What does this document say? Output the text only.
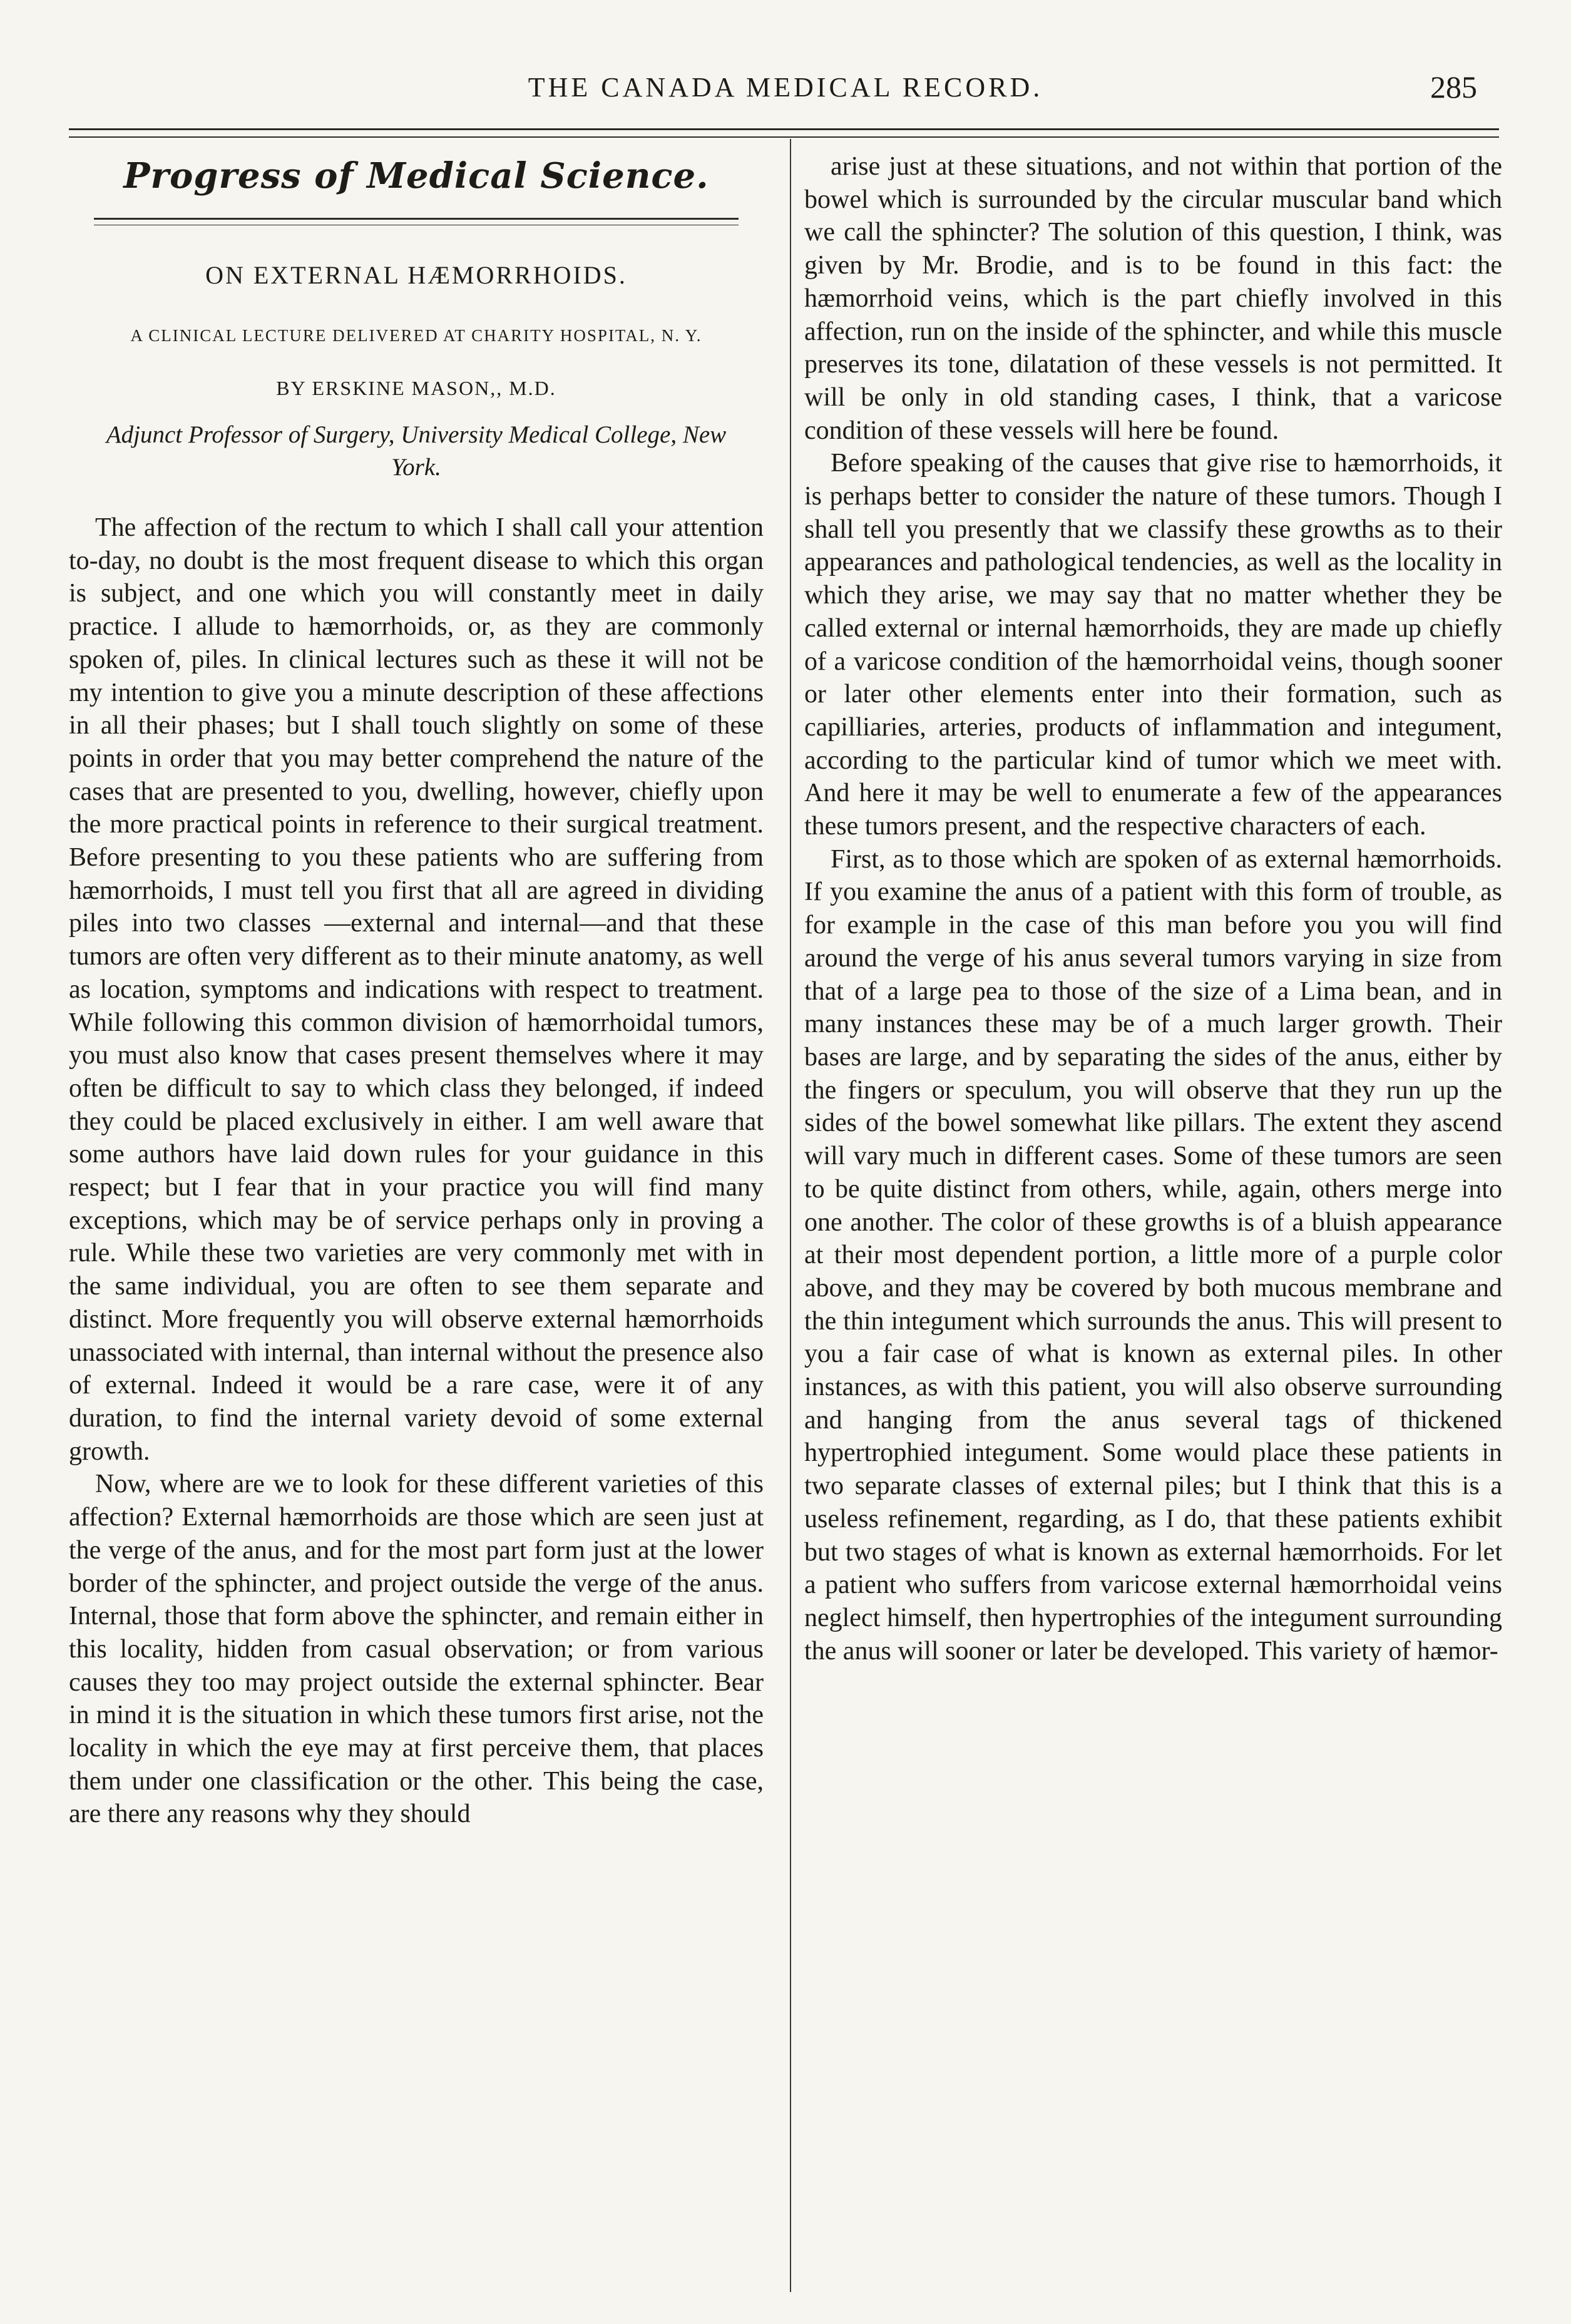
THE CANADA MEDICAL RECORD.	285
Progress of Medical Science.
ON EXTERNAL HÆMORRHOIDS.
A CLINICAL LECTURE DELIVERED AT CHARITY HOSPITAL, N. Y.
BY ERSKINE MASON,, M.D.
Adjunct Professor of Surgery, University Medical College, New York.

The affection of the rectum to which I shall call your attention to-day, no doubt is the most frequent disease to which this organ is subject, and one which you will constantly meet in daily practice. I allude to hæmorrhoids, or, as they are commonly spoken of, piles. In clinical lectures such as these it will not be my intention to give you a minute description of these affections in all their phases; but I shall touch slightly on some of these points in order that you may better comprehend the nature of the cases that are presented to you, dwelling, however, chiefly upon the more practical points in reference to their surgical treatment. Before presenting to you these patients who are suffering from hæmorrhoids, I must tell you first that all are agreed in dividing piles into two classes —external and internal—and that these tumors are often very different as to their minute anatomy, as well as location, symptoms and indications with respect to treatment. While following this common division of hæmorrhoidal tumors, you must also know that cases present themselves where it may often be difficult to say to which class they belonged, if indeed they could be placed exclusively in either. I am well aware that some authors have laid down rules for your guidance in this respect; but I fear that in your practice you will find many exceptions, which may be of service perhaps only in proving a rule. While these two varieties are very commonly met with in the same individual, you are often to see them separate and distinct. More frequently you will observe external hæmorrhoids unassociated with internal, than internal without the presence also of external. Indeed it would be a rare case, were it of any duration, to find the internal variety devoid of some external growth.

Now, where are we to look for these different varieties of this affection? External hæmorrhoids are those which are seen just at the verge of the anus, and for the most part form just at the lower border of the sphincter, and project outside the verge of the anus. Internal, those that form above the sphincter, and remain either in this locality, hidden from casual observation; or from various causes they too may project outside the external sphincter. Bear in mind it is the situation in which these tumors first arise, not the locality in which the eye may at first perceive them, that places them under one classification or the other. This being the case, are there any reasons why they should

arise just at these situations, and not within that portion of the bowel which is surrounded by the circular muscular band which we call the sphincter? The solution of this question, I think, was given by Mr. Brodie, and is to be found in this fact: the hæmorrhoid veins, which is the part chiefly involved in this affection, run on the inside of the sphincter, and while this muscle preserves its tone, dilatation of these vessels is not permitted. It will be only in old standing cases, I think, that a varicose condition of these vessels will here be found.

Before speaking of the causes that give rise to hæmorrhoids, it is perhaps better to consider the nature of these tumors. Though I shall tell you presently that we classify these growths as to their appearances and pathological tendencies, as well as the locality in which they arise, we may say that no matter whether they be called external or internal hæmorrhoids, they are made up chiefly of a varicose condition of the hæmorrhoidal veins, though sooner or later other elements enter into their formation, such as capilliaries, arteries, products of inflammation and integument, according to the particular kind of tumor which we meet with. And here it may be well to enumerate a few of the appearances these tumors present, and the respective characters of each.

First, as to those which are spoken of as external hæmorrhoids. If you examine the anus of a patient with this form of trouble, as for example in the case of this man before you you will find around the verge of his anus several tumors varying in size from that of a large pea to those of the size of a Lima bean, and in many instances these may be of a much larger growth. Their bases are large, and by separating the sides of the anus, either by the fingers or speculum, you will observe that they run up the sides of the bowel somewhat like pillars. The extent they ascend will vary much in different cases. Some of these tumors are seen to be quite distinct from others, while, again, others merge into one another. The color of these growths is of a bluish appearance at their most dependent portion, a little more of a purple color above, and they may be covered by both mucous membrane and the thin integument which surrounds the anus. This will present to you a fair case of what is known as external piles. In other instances, as with this patient, you will also observe surrounding and hanging from the anus several tags of thickened hypertrophied integument. Some would place these patients in two separate classes of external piles; but I think that this is a useless refinement, regarding, as I do, that these patients exhibit but two stages of what is known as external hæmorrhoids. For let a patient who suffers from varicose external hæmorrhoidal veins neglect himself, then hypertrophies of the integument surrounding the anus will sooner or later be developed. This variety of hæmor-
